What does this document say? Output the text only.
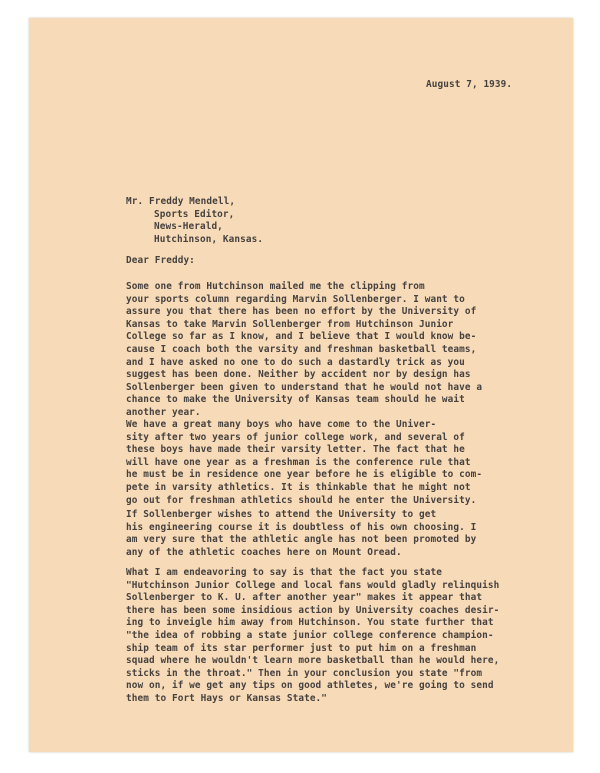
August 7, 1939.
Mr. Freddy Mendell,
Sports Editor,
News-Herald,
Hutchinson, Kansas.
Dear Freddy:
Some one from Hutchinson mailed me the clipping from
your sports column regarding Marvin Sollenberger. I want to
assure you that there has been no effort by the University of
Kansas to take Marvin Sollenberger from Hutchinson Junior
College so far as I know, and I believe that I would know be-
cause I coach both the varsity and freshman basketball teams,
and I have asked no one to do such a dastardly trick as you
suggest has been done. Neither by accident nor by design has
Sollenberger been given to understand that he would not have a
chance to make the University of Kansas team should he wait
another year.
We have a great many boys who have come to the Univer-
sity after two years of junior college work, and several of
these boys have made their varsity letter. The fact that he
will have one year as a freshman is the conference rule that
he must be in residence one year before he is eligible to com-
pete in varsity athletics. It is thinkable that he might not
go out for freshman athletics should he enter the University.
If Sollenberger wishes to attend the University to get
his engineering course it is doubtless of his own choosing. I
am very sure that the athletic angle has not been promoted by
any of the athletic coaches here on Mount Oread.
What I am endeavoring to say is that the fact you state
"Hutchinson Junior College and local fans would gladly relinquish
Sollenberger to K. U. after another year" makes it appear that
there has been some insidious action by University coaches desir-
ing to inveigle him away from Hutchinson. You state further that
"the idea of robbing a state junior college conference champion-
ship team of its star performer just to put him on a freshman
squad where he wouldn't learn more basketball than he would here,
sticks in the throat." Then in your conclusion you state "from
now on, if we get any tips on good athletes, we're going to send
them to Fort Hays or Kansas State."
